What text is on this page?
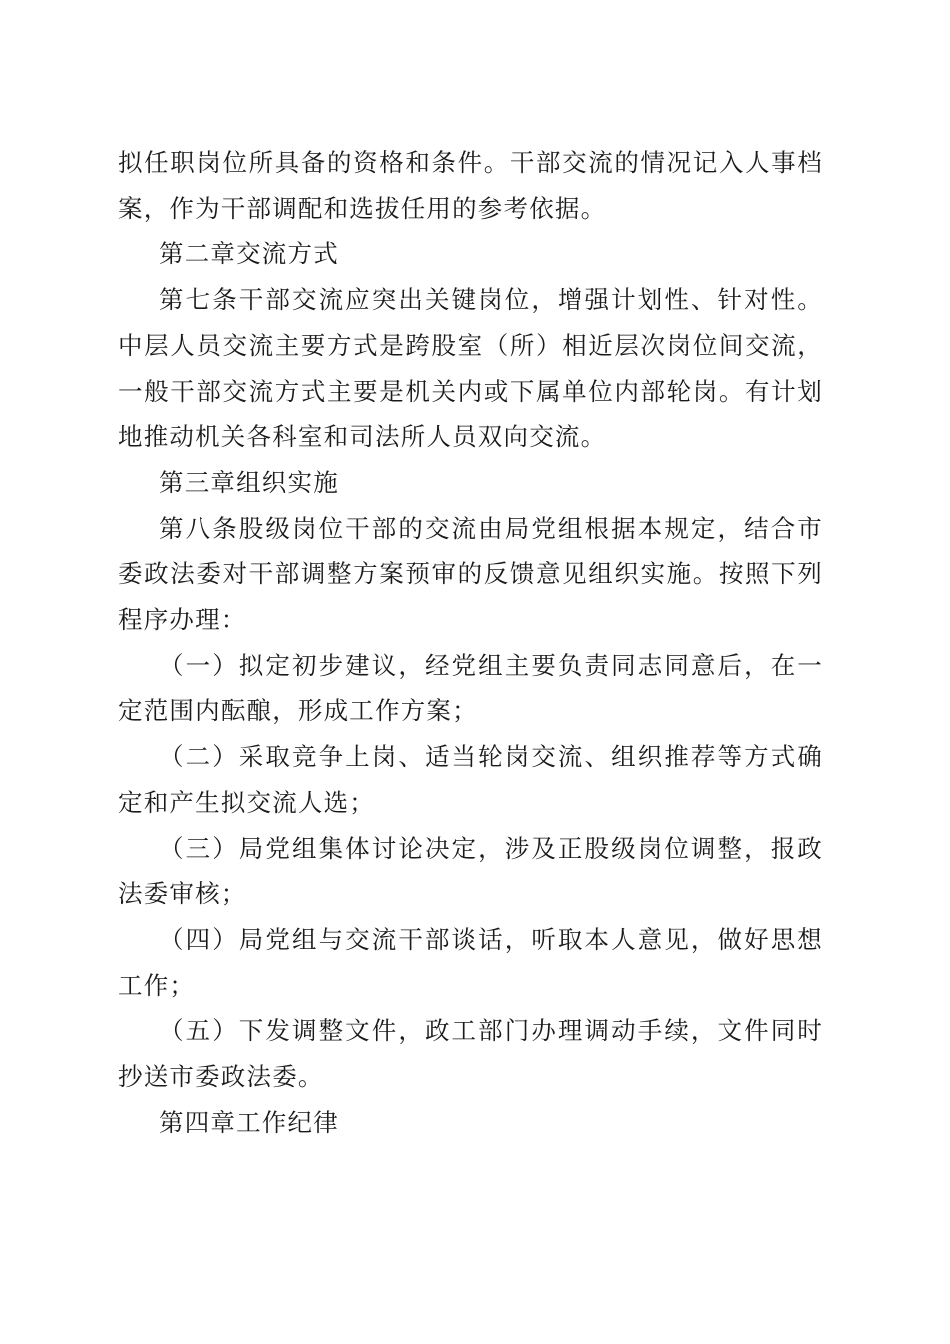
拟任职岗位所具备的资格和条件。干部交流的情况记入人事档案，作为干部调配和选拔任用的参考依据。

第二章交流方式

第七条干部交流应突出关键岗位，增强计划性、针对性。中层人员交流主要方式是跨股室（所）相近层次岗位间交流，一般干部交流方式主要是机关内或下属单位内部轮岗。有计划地推动机关各科室和司法所人员双向交流。

第三章组织实施

第八条股级岗位干部的交流由局党组根据本规定，结合市委政法委对干部调整方案预审的反馈意见组织实施。按照下列程序办理：

（一）拟定初步建议，经党组主要负责同志同意后，在一定范围内酝酿，形成工作方案；

（二）采取竞争上岗、适当轮岗交流、组织推荐等方式确定和产生拟交流人选；

（三）局党组集体讨论决定，涉及正股级岗位调整，报政法委审核；

（四）局党组与交流干部谈话，听取本人意见，做好思想工作；

（五）下发调整文件，政工部门办理调动手续，文件同时抄送市委政法委。

第四章工作纪律
